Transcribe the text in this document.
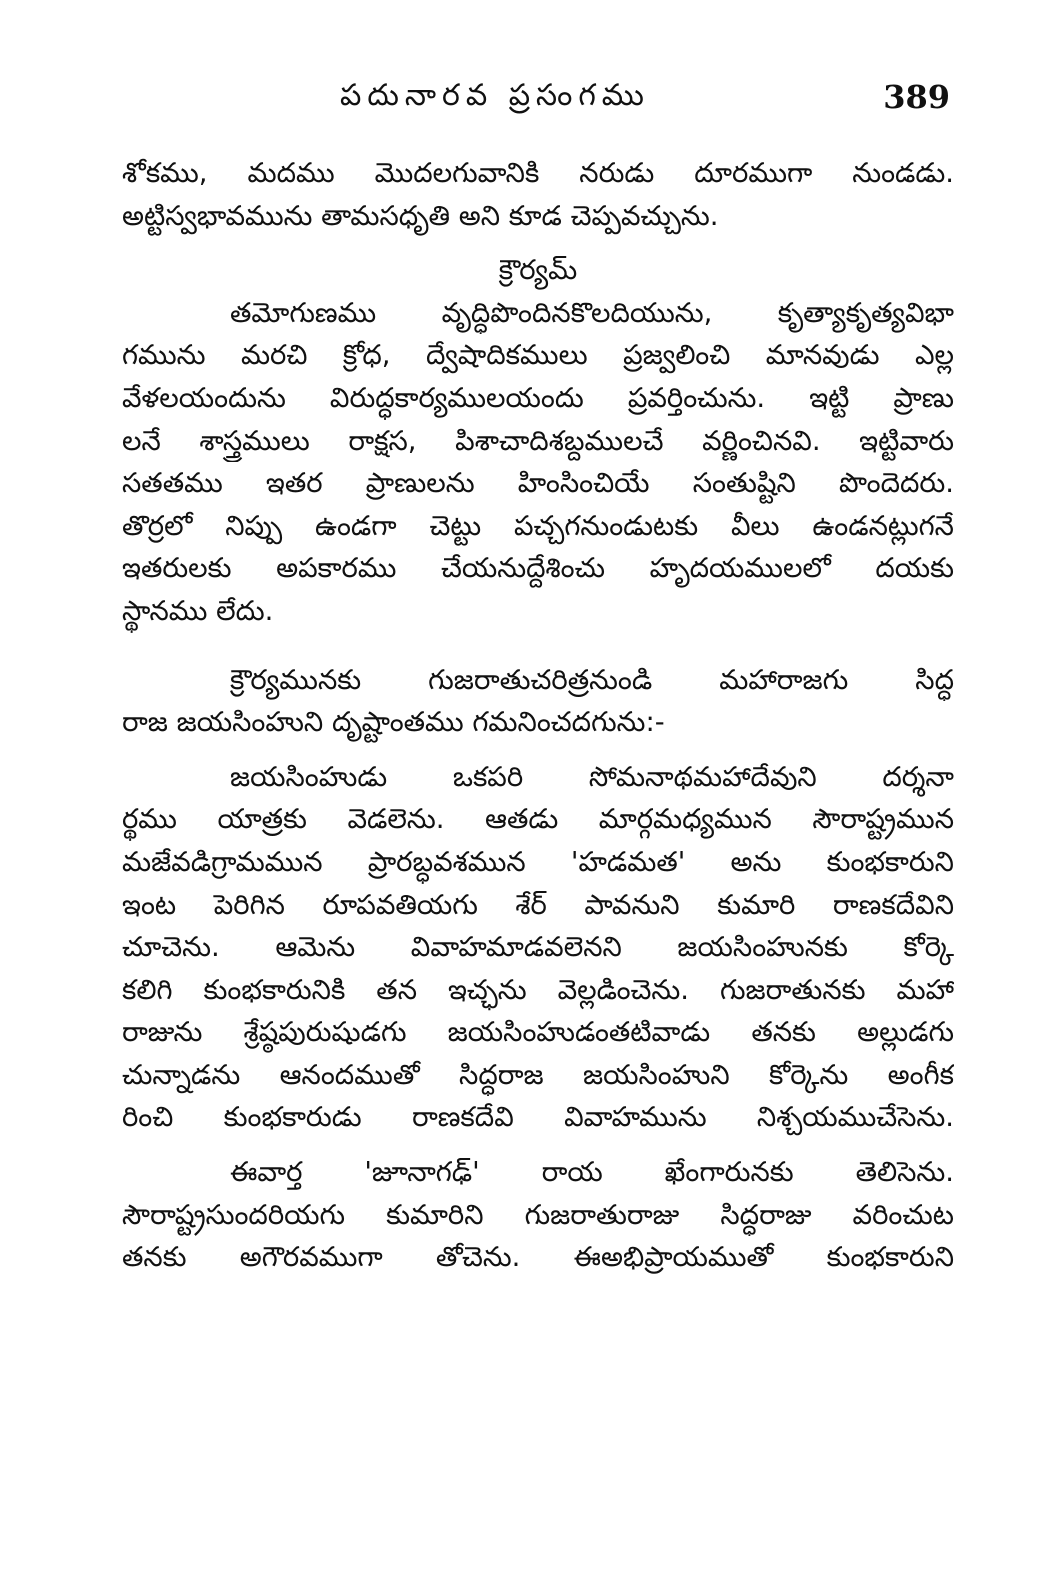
పదునారవ ప్రసంగము	389
శోకము, మదము మొదలగువానికి నరుడు దూరముగా నుండడు.
అట్టిస్వభావమును తామసధృతి అని కూడ చెప్పవచ్చును.
క్రౌర్యమ్
తమోగుణము వృద్ధిపొందినకొలదియును, కృత్యాకృత్యవిభా
గమును మరచి క్రోధ, ద్వేషాదికములు ప్రజ్వలించి మానవుడు ఎల్ల
వేళలయందును విరుద్ధకార్యములయందు ప్రవర్తించును. ఇట్టి ప్రాణు
లనే శాస్త్రములు రాక్షస, పిశాచాదిశబ్దములచే వర్ణించినవి. ఇట్టివారు
సతతము ఇతర ప్రాణులను హింసించియే సంతుష్టిని పొందెదరు.
తొర్రలో నిప్పు ఉండగా చెట్టు పచ్చగనుండుటకు వీలు ఉండనట్లుగనే
ఇతరులకు అపకారము చేయనుద్దేశించు హృదయములలో దయకు
స్థానము లేదు.
క్రౌర్యమునకు గుజరాతుచరిత్రనుండి మహారాజగు సిద్ధ
రాజ జయసింహుని దృష్టాంతము గమనించదగును:-
జయసింహుడు ఒకపరి సోమనాథమహాదేవుని దర్శనా
ర్థము యాత్రకు వెడలెను. ఆతడు మార్గమధ్యమున సౌరాష్ట్రమున
మజేవడిగ్రామమున ప్రారబ్ధవశమున 'హడమత' అను కుంభకారుని
ఇంట పెరిగిన రూపవతియగు శేర్ పావనుని కుమారి రాణకదేవిని
చూచెను. ఆమెను వివాహమాడవలెనని జయసింహునకు కోర్కె
కలిగి కుంభకారునికి తన ఇచ్ఛను వెల్లడించెను. గుజరాతునకు మహా
రాజును శ్రేష్ఠపురుషుడగు జయసింహుడంతటివాడు తనకు అల్లుడగు
చున్నాడను ఆనందముతో సిద్ధరాజ జయసింహుని కోర్కెను అంగీక
రించి కుంభకారుడు రాణకదేవి వివాహమును నిశ్చయముచేసెను.
ఈవార్త 'జూనాగఢ్' రాయ ఖేంగారునకు తెలిసెను.
సౌరాష్ట్రసుందరియగు కుమారిని గుజరాతురాజు సిద్ధరాజు వరించుట
తనకు అగౌరవముగా తోచెను. ఈఅభిప్రాయముతో కుంభకారుని
